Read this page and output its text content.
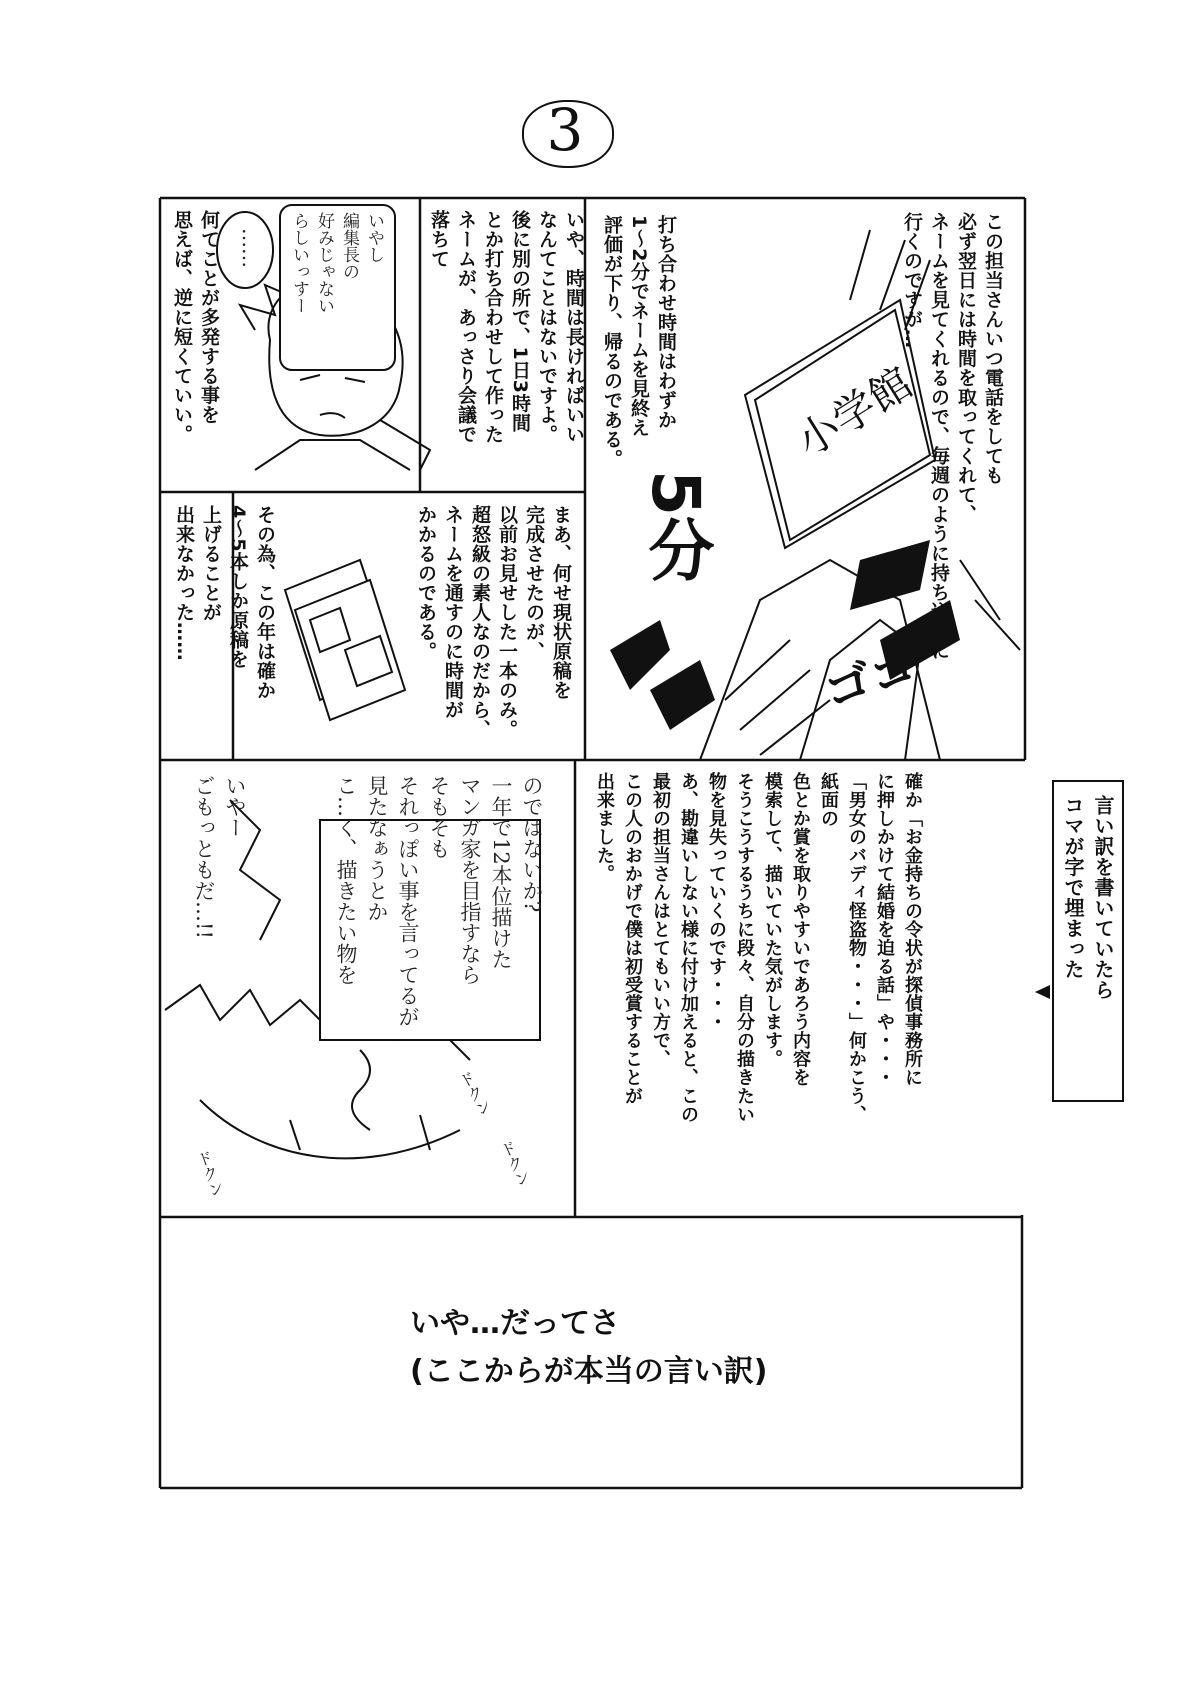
3
この担当さんいつ電話をしても
必ず翌日には時間を取ってくれて、
ネームを見てくれるので、毎週のように持ち込みに
行くのですが…
小学館
ゴゴ
打ち合わせ時間はわずか
1～2分でネームを見終え
評価が下り、帰るのである。
5分
いや、時間は長ければいい
なんてことはないですよ。
後に別の所で、1日3時間
とか打ち合わせして作った
ネームが、あっさり会議で
落ちて
いやし
編集長の
好みじゃない
らしいっすー
……
何てことが多発する事を
思えば、逆に短くていい。
まあ、何せ現状原稿を
完成させたのが、
以前お見せした一本のみ。
超怒級の素人なのだから、
ネームを通すのに時間が
かかるのである。
その為、この年は確か
4～5本しか原稿を
上げることが
出来なかった……
確か「お金持ちの令状が探偵事務所に
に押しかけて結婚を迫る話」や・・・
「男女のバディ怪盗物・・・」何かこう、
紙面の
色とか賞を取りやすいであろう内容を
模索して、描いていた気がします。
そうこうするうちに段々、自分の描きたい
物を見失っていくのです・・・
あ、勘違いしない様に付け加えると、この
最初の担当さんはとてもいい方で、
この人のおかげで僕は初受賞することが
出来ました。	言い訳を書いていたら
コマが字で埋まった
いやー
ごもっともだ…!!	のではないか?
一年で12本位描けた
マンガ家を目指すなら
そもそも
それっぽい事を言ってるが
見たなぁうとか
こ…く、描きたい物を
ドクン
ドクン
ドクン
いや…だってさ
(ここからが本当の言い訳)
